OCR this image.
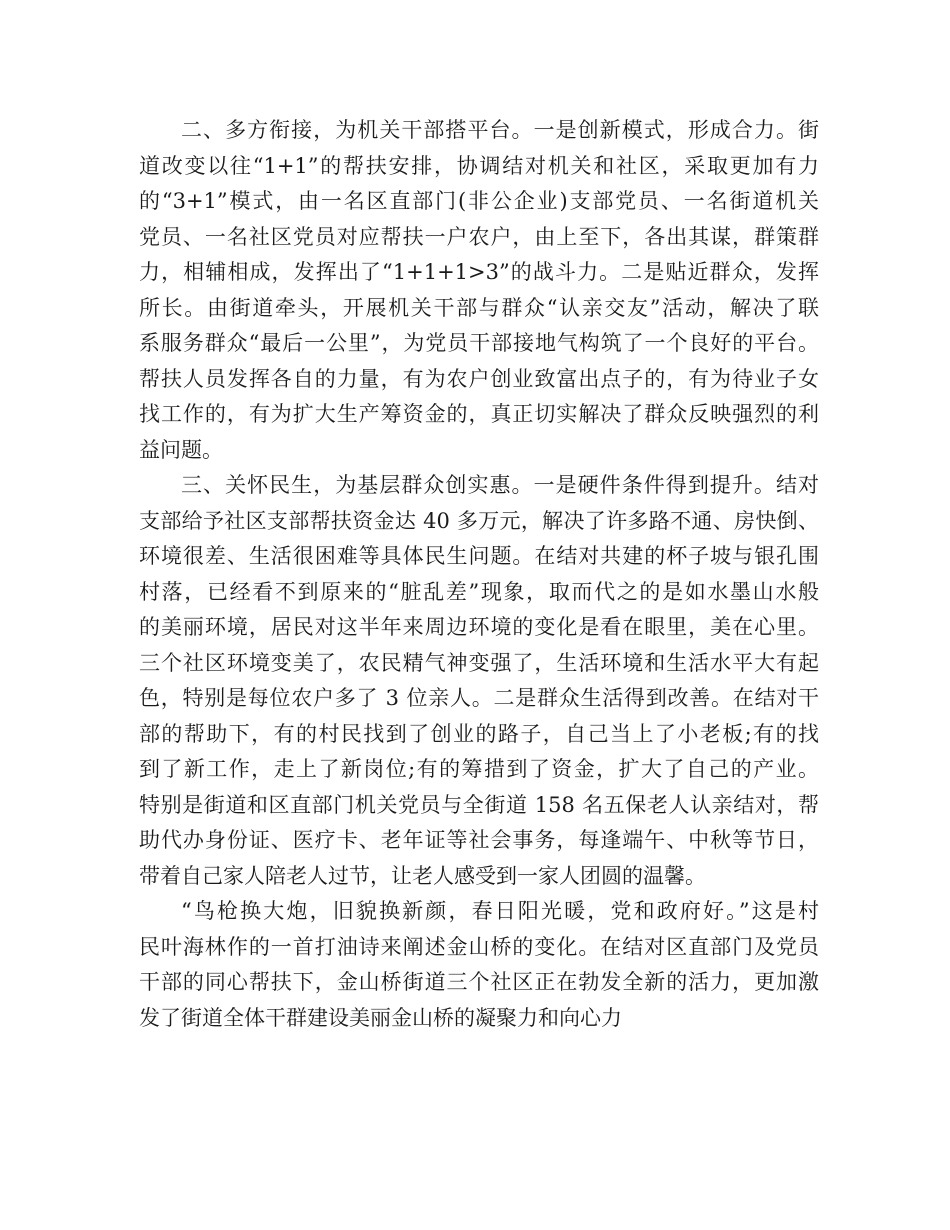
二、多方衔接，为机关干部搭平台。一是创新模式，形成合力。街
道改变以往“1+1”的帮扶安排，协调结对机关和社区，采取更加有力
的“3+1”模式，由一名区直部门(非公企业)支部党员、一名街道机关
党员、一名社区党员对应帮扶一户农户，由上至下，各出其谋，群策群
力，相辅相成，发挥出了“1+1+1>3”的战斗力。二是贴近群众，发挥
所长。由街道牵头，开展机关干部与群众“认亲交友”活动，解决了联
系服务群众“最后一公里”，为党员干部接地气构筑了一个良好的平台。
帮扶人员发挥各自的力量，有为农户创业致富出点子的，有为待业子女
找工作的，有为扩大生产筹资金的，真正切实解决了群众反映强烈的利
益问题。
三、关怀民生，为基层群众创实惠。一是硬件条件得到提升。结对
支部给予社区支部帮扶资金达 40 多万元，解决了许多路不通、房快倒、
环境很差、生活很困难等具体民生问题。在结对共建的杯子坡与银孔围
村落，已经看不到原来的“脏乱差”现象，取而代之的是如水墨山水般
的美丽环境，居民对这半年来周边环境的变化是看在眼里，美在心里。
三个社区环境变美了，农民精气神变强了，生活环境和生活水平大有起
色，特别是每位农户多了 3 位亲人。二是群众生活得到改善。在结对干
部的帮助下，有的村民找到了创业的路子，自己当上了小老板;有的找
到了新工作，走上了新岗位;有的筹措到了资金，扩大了自己的产业。
特别是街道和区直部门机关党员与全街道 158 名五保老人认亲结对，帮
助代办身份证、医疗卡、老年证等社会事务，每逢端午、中秋等节日，
带着自己家人陪老人过节，让老人感受到一家人团圆的温馨。
“鸟枪换大炮，旧貌换新颜，春日阳光暖，党和政府好。”这是村
民叶海林作的一首打油诗来阐述金山桥的变化。在结对区直部门及党员
干部的同心帮扶下，金山桥街道三个社区正在勃发全新的活力，更加激
发了街道全体干群建设美丽金山桥的凝聚力和向心力
